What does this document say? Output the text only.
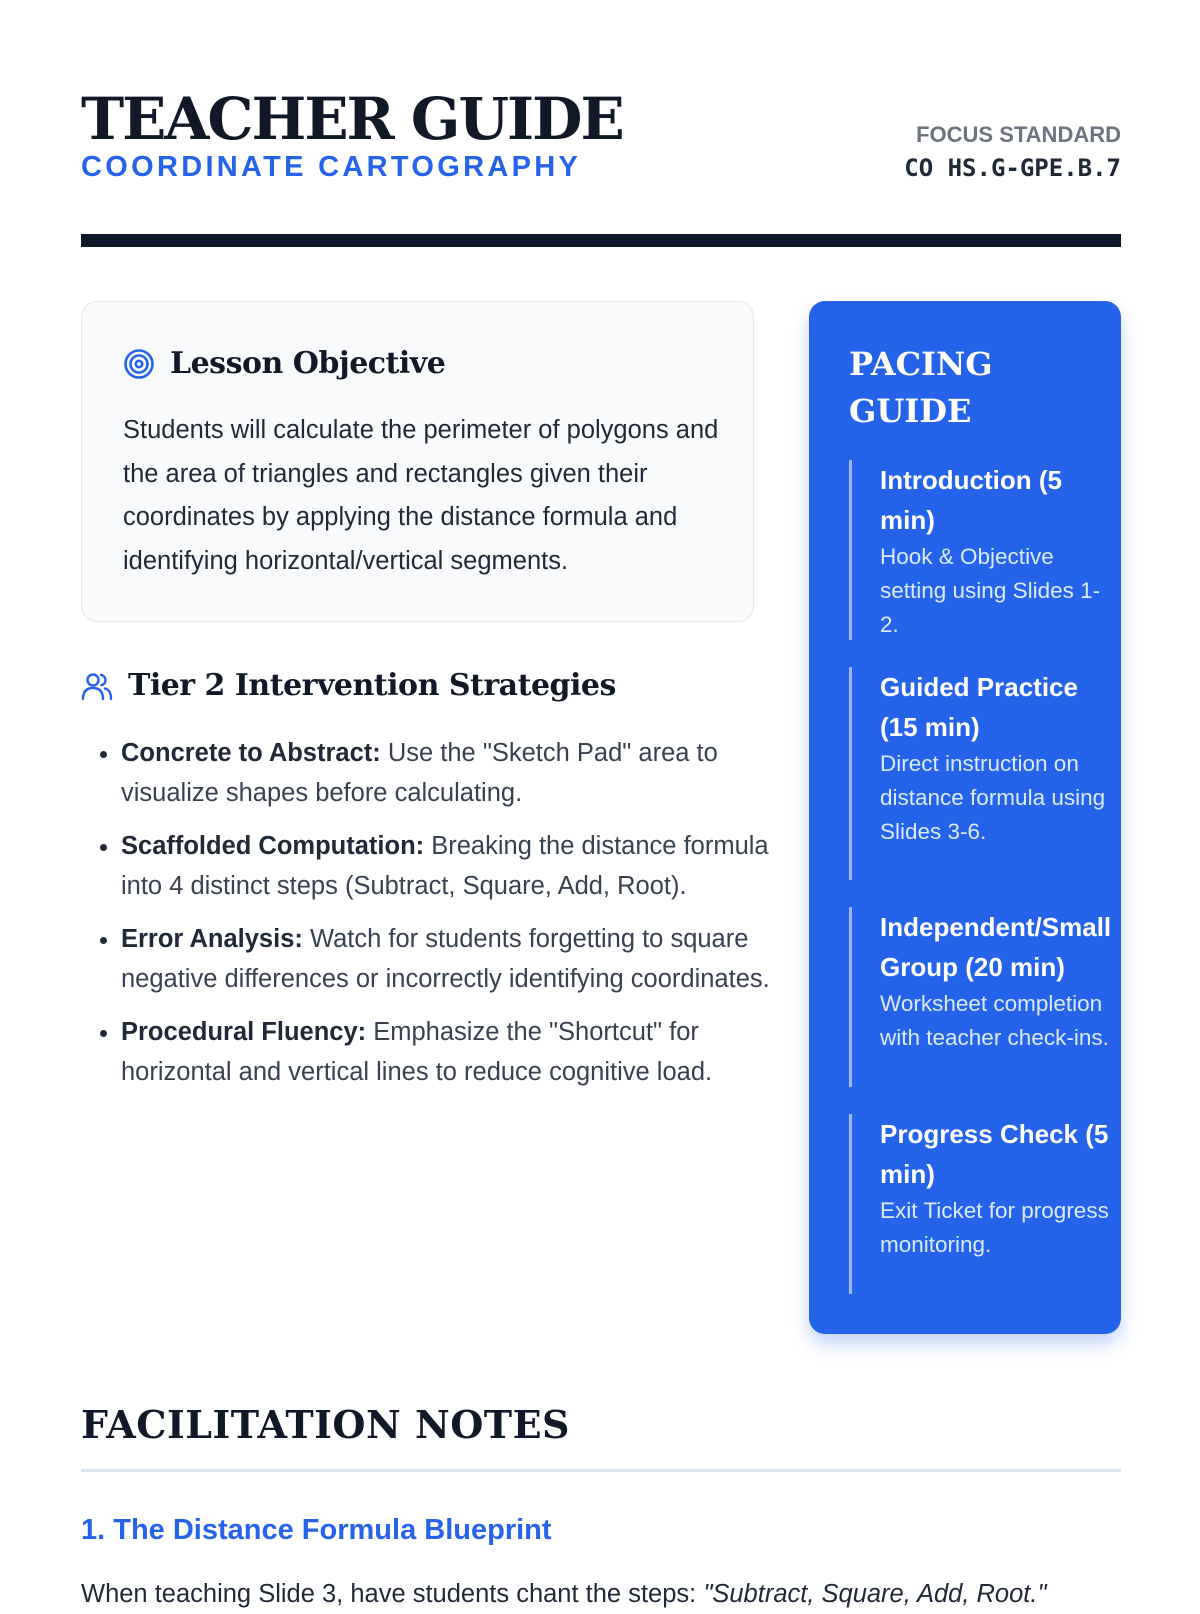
TEACHER GUIDE
COORDINATE CARTOGRAPHY
FOCUS STANDARD
CO HS.G-GPE.B.7
Lesson Objective

Students will calculate the perimeter of polygons and the area of triangles and rectangles given their coordinates by applying the distance formula and identifying horizontal/vertical segments.

Tier 2 Intervention Strategies
• Concrete to Abstract: Use the "Sketch Pad" area to visualize shapes before calculating.
• Scaffolded Computation: Breaking the distance formula into 4 distinct steps (Subtract, Square, Add, Root).
• Error Analysis: Watch for students forgetting to square negative differences or incorrectly identifying coordinates.
• Procedural Fluency: Emphasize the "Shortcut" for horizontal and vertical lines to reduce cognitive load.
PACING GUIDE
Introduction (5 min)
Hook & Objective setting using Slides 1-2.
Guided Practice (15 min)
Direct instruction on distance formula using Slides 3-6.
Independent/Small Group (20 min)
Worksheet completion with teacher check-ins.
Progress Check (5 min)
Exit Ticket for progress monitoring.
FACILITATION NOTES
1. The Distance Formula Blueprint

When teaching Slide 3, have students chant the steps: "Subtract, Square, Add, Root."
